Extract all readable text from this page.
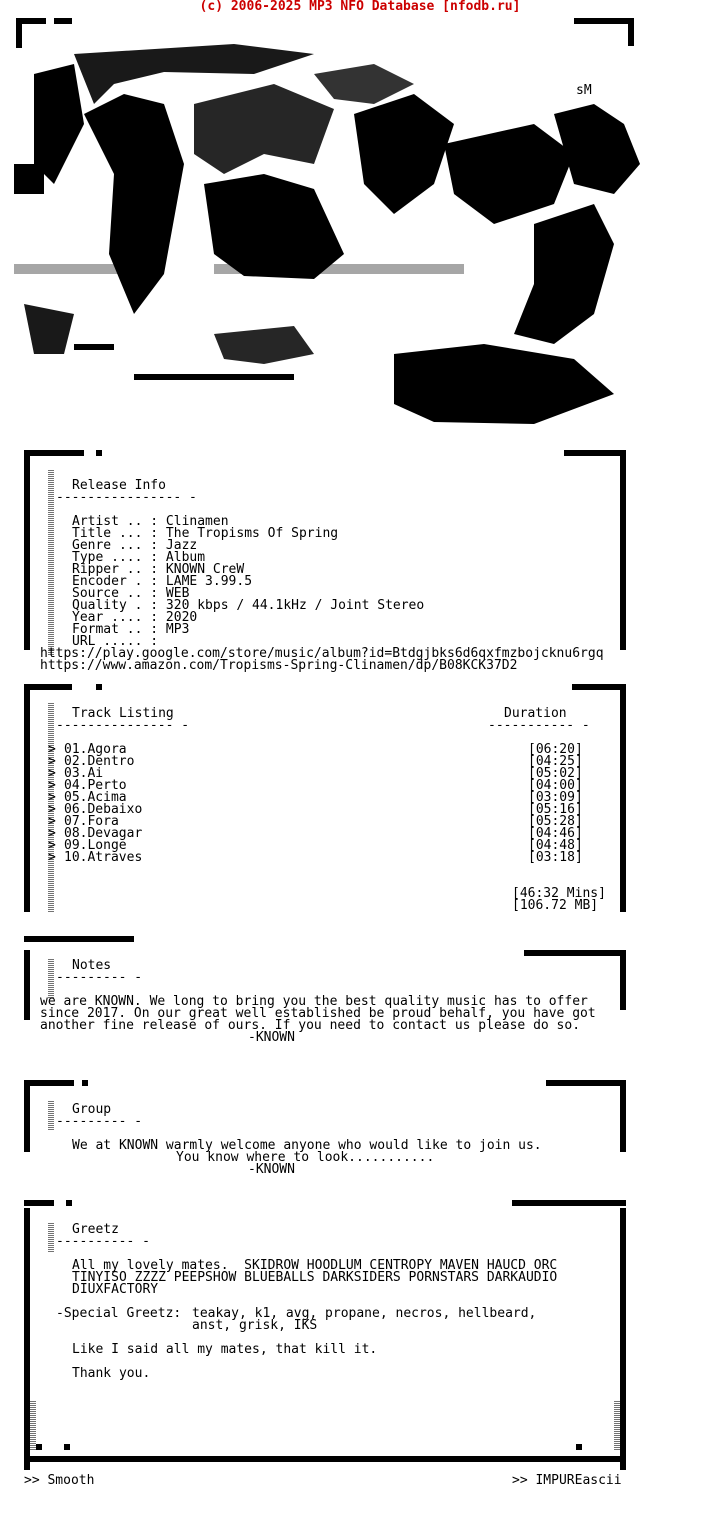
(c) 2006-2025 MP3 NFO Database [nfodb.ru]
sM
Release Info
---------------- -
Artist .. : Clinamen
Title ... : The Tropisms Of Spring
Genre ... : Jazz
Type .... : Album
Ripper .. : KNOWN CreW
Encoder . : LAME 3.99.5
Source .. : WEB
Quality . : 320 kbps / 44.1kHz / Joint Stereo
Year .... : 2020
Format .. : MP3
URL ..... :
https://play.google.com/store/music/album?id=Btdgjbks6d6qxfmzbojcknu6rgq
https://www.amazon.com/Tropisms-Spring-Clinamen/dp/B08KCK37D2
Track Listing
--------------- -
Duration
----------- -
> 01.Agora	[06:20]
> 02.Dentro	[04:25]
> 03.Ai	[05:02]
> 04.Perto	[04:00]
> 05.Acima	[03:09]
> 06.Debaixo	[05:16]
> 07.Fora	[05:28]
> 08.Devagar	[04:46]
> 09.Longe	[04:48]
> 10.Atraves	[03:18]
[46:32 Mins]
[106.72 MB]
Notes
--------- -
we are KNOWN. We long to bring you the best quality music has to offer
since 2017. On our great well established be proud behalf, you have got
another fine release of ours. If you need to contact us please do so.
-KNOWN
Group
--------- -
We at KNOWN warmly welcome anyone who would like to join us.
You know where to look...........
-KNOWN
Greetz
---------- -
All my lovely mates.  SKIDROW HOODLUM CENTROPY MAVEN HAUCD ORC
TINYISO ZZZZ PEEPSHOW BLUEBALLS DARKSIDERS PORNSTARS DARKAUDIO
DIUXFACTORY
-Special Greetz: teakay, k1, avg, propane, necros, hellbeard,
anst, grisk, IKS
Like I said all my mates, that kill it.
Thank you.
>> Smooth	>> IMPUREascii
